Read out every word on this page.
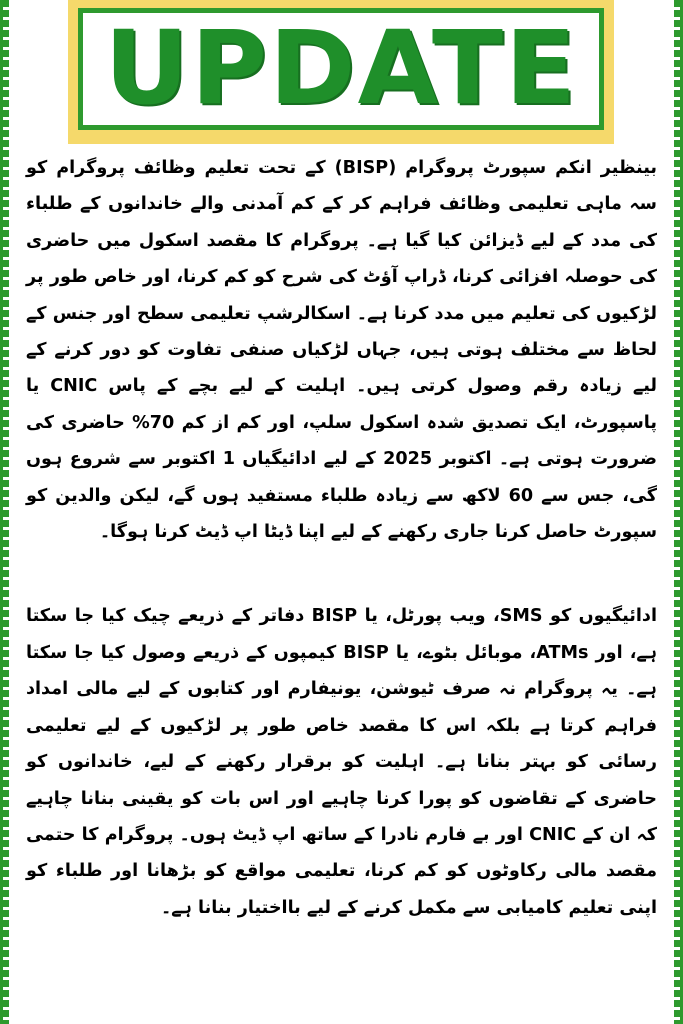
UPDATE

بینظیر انکم سپورٹ پروگرام (BISP) کے تحت تعلیم وظائف پروگرام کو سہ ماہی تعلیمی وظائف فراہم کر کے کم آمدنی والے خاندانوں کے طلباء کی مدد کے لیے ڈیزائن کیا گیا ہے۔ پروگرام کا مقصد اسکول میں حاضری کی حوصلہ افزائی کرنا، ڈراپ آؤٹ کی شرح کو کم کرنا، اور خاص طور پر لڑکیوں کی تعلیم میں مدد کرنا ہے۔ اسکالرشپ تعلیمی سطح اور جنس کے لحاظ سے مختلف ہوتی ہیں، جہاں لڑکیاں صنفی تفاوت کو دور کرنے کے لیے زیادہ رقم وصول کرتی ہیں۔ اہلیت کے لیے بچے کے پاس CNIC یا پاسپورٹ، ایک تصدیق شدہ اسکول سلپ، اور کم از کم 70% حاضری کی ضرورت ہوتی ہے۔ اکتوبر 2025 کے لیے ادائیگیاں 1 اکتوبر سے شروع ہوں گی، جس سے 60 لاکھ سے زیادہ طلباء مستفید ہوں گے، لیکن والدین کو سپورٹ حاصل کرنا جاری رکھنے کے لیے اپنا ڈیٹا اپ ڈیٹ کرنا ہوگا۔

ادائیگیوں کو SMS، ویب پورٹل، یا BISP دفاتر کے ذریعے چیک کیا جا سکتا ہے، اور ATMs، موبائل بٹوے، یا BISP کیمپوں کے ذریعے وصول کیا جا سکتا ہے۔ یہ پروگرام نہ صرف ٹیوشن، یونیفارم اور کتابوں کے لیے مالی امداد فراہم کرتا ہے بلکہ اس کا مقصد خاص طور پر لڑکیوں کے لیے تعلیمی رسائی کو بہتر بنانا ہے۔ اہلیت کو برقرار رکھنے کے لیے، خاندانوں کو حاضری کے تقاضوں کو پورا کرنا چاہیے اور اس بات کو یقینی بنانا چاہیے کہ ان کے CNIC اور بے فارم نادرا کے ساتھ اپ ڈیٹ ہوں۔ پروگرام کا حتمی مقصد مالی رکاوٹوں کو کم کرنا، تعلیمی مواقع کو بڑھانا اور طلباء کو اپنی تعلیم کامیابی سے مکمل کرنے کے لیے بااختیار بنانا ہے۔
